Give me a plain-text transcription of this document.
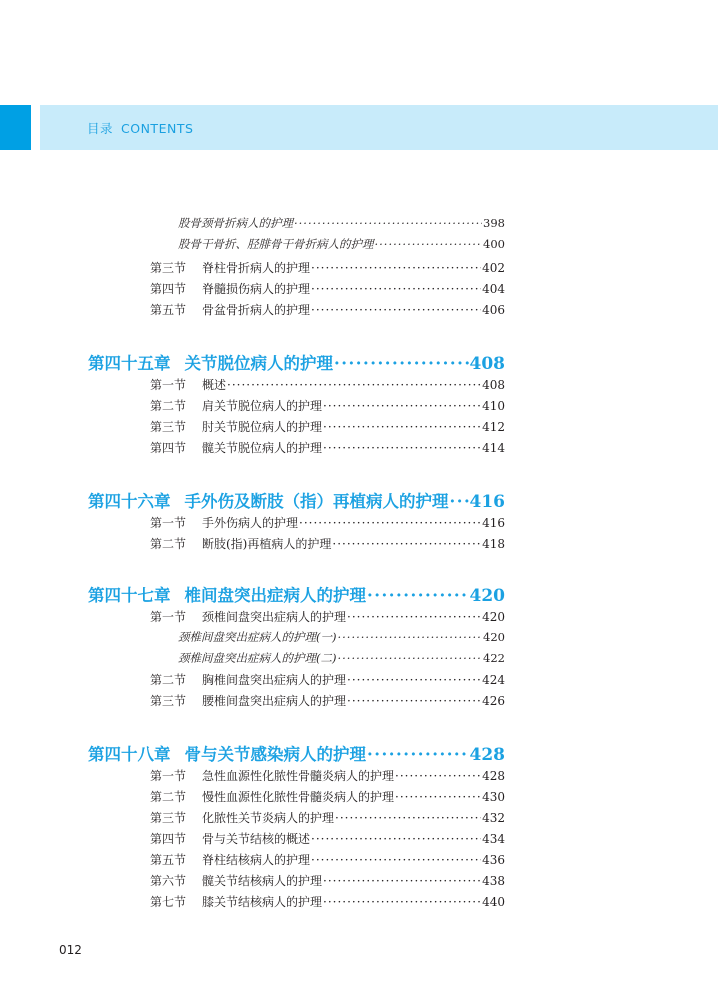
目录 CONTENTS
股骨颈骨折病人的护理 ·····	398
股骨干骨折、胫腓骨干骨折病人的护理 ·····	400
第三节	脊柱骨折病人的护理 ·····	402
第四节	脊髓损伤病人的护理 ·····	404
第五节	骨盆骨折病人的护理 ·····	406
第四十五章 关节脱位病人的护理 ·····	408
第一节	概述 ·····	408
第二节	肩关节脱位病人的护理 ·····	410
第三节	肘关节脱位病人的护理 ·····	412
第四节	髋关节脱位病人的护理 ·····	414
第四十六章 手外伤及断肢（指）再植病人的护理 ····· 416
第一节	手外伤病人的护理 ·····	416
第二节	断肢(指)再植病人的护理 ·····	418
第四十七章 椎间盘突出症病人的护理 ·····	420
第一节	颈椎间盘突出症病人的护理 ·····	420
颈椎间盘突出症病人的护理(一) ·····	420
颈椎间盘突出症病人的护理(二) ·····	422
第二节	胸椎间盘突出症病人的护理 ·····	424
第三节	腰椎间盘突出症病人的护理 ·····	426
第四十八章 骨与关节感染病人的护理 ·····	428
第一节	急性血源性化脓性骨髓炎病人的护理 ·····	428
第二节	慢性血源性化脓性骨髓炎病人的护理 ·····	430
第三节	化脓性关节炎病人的护理 ·····	432
第四节	骨与关节结核的概述 ·····	434
第五节	脊柱结核病人的护理 ·····	436
第六节	髋关节结核病人的护理 ·····	438
第七节	膝关节结核病人的护理 ·····	440
012
